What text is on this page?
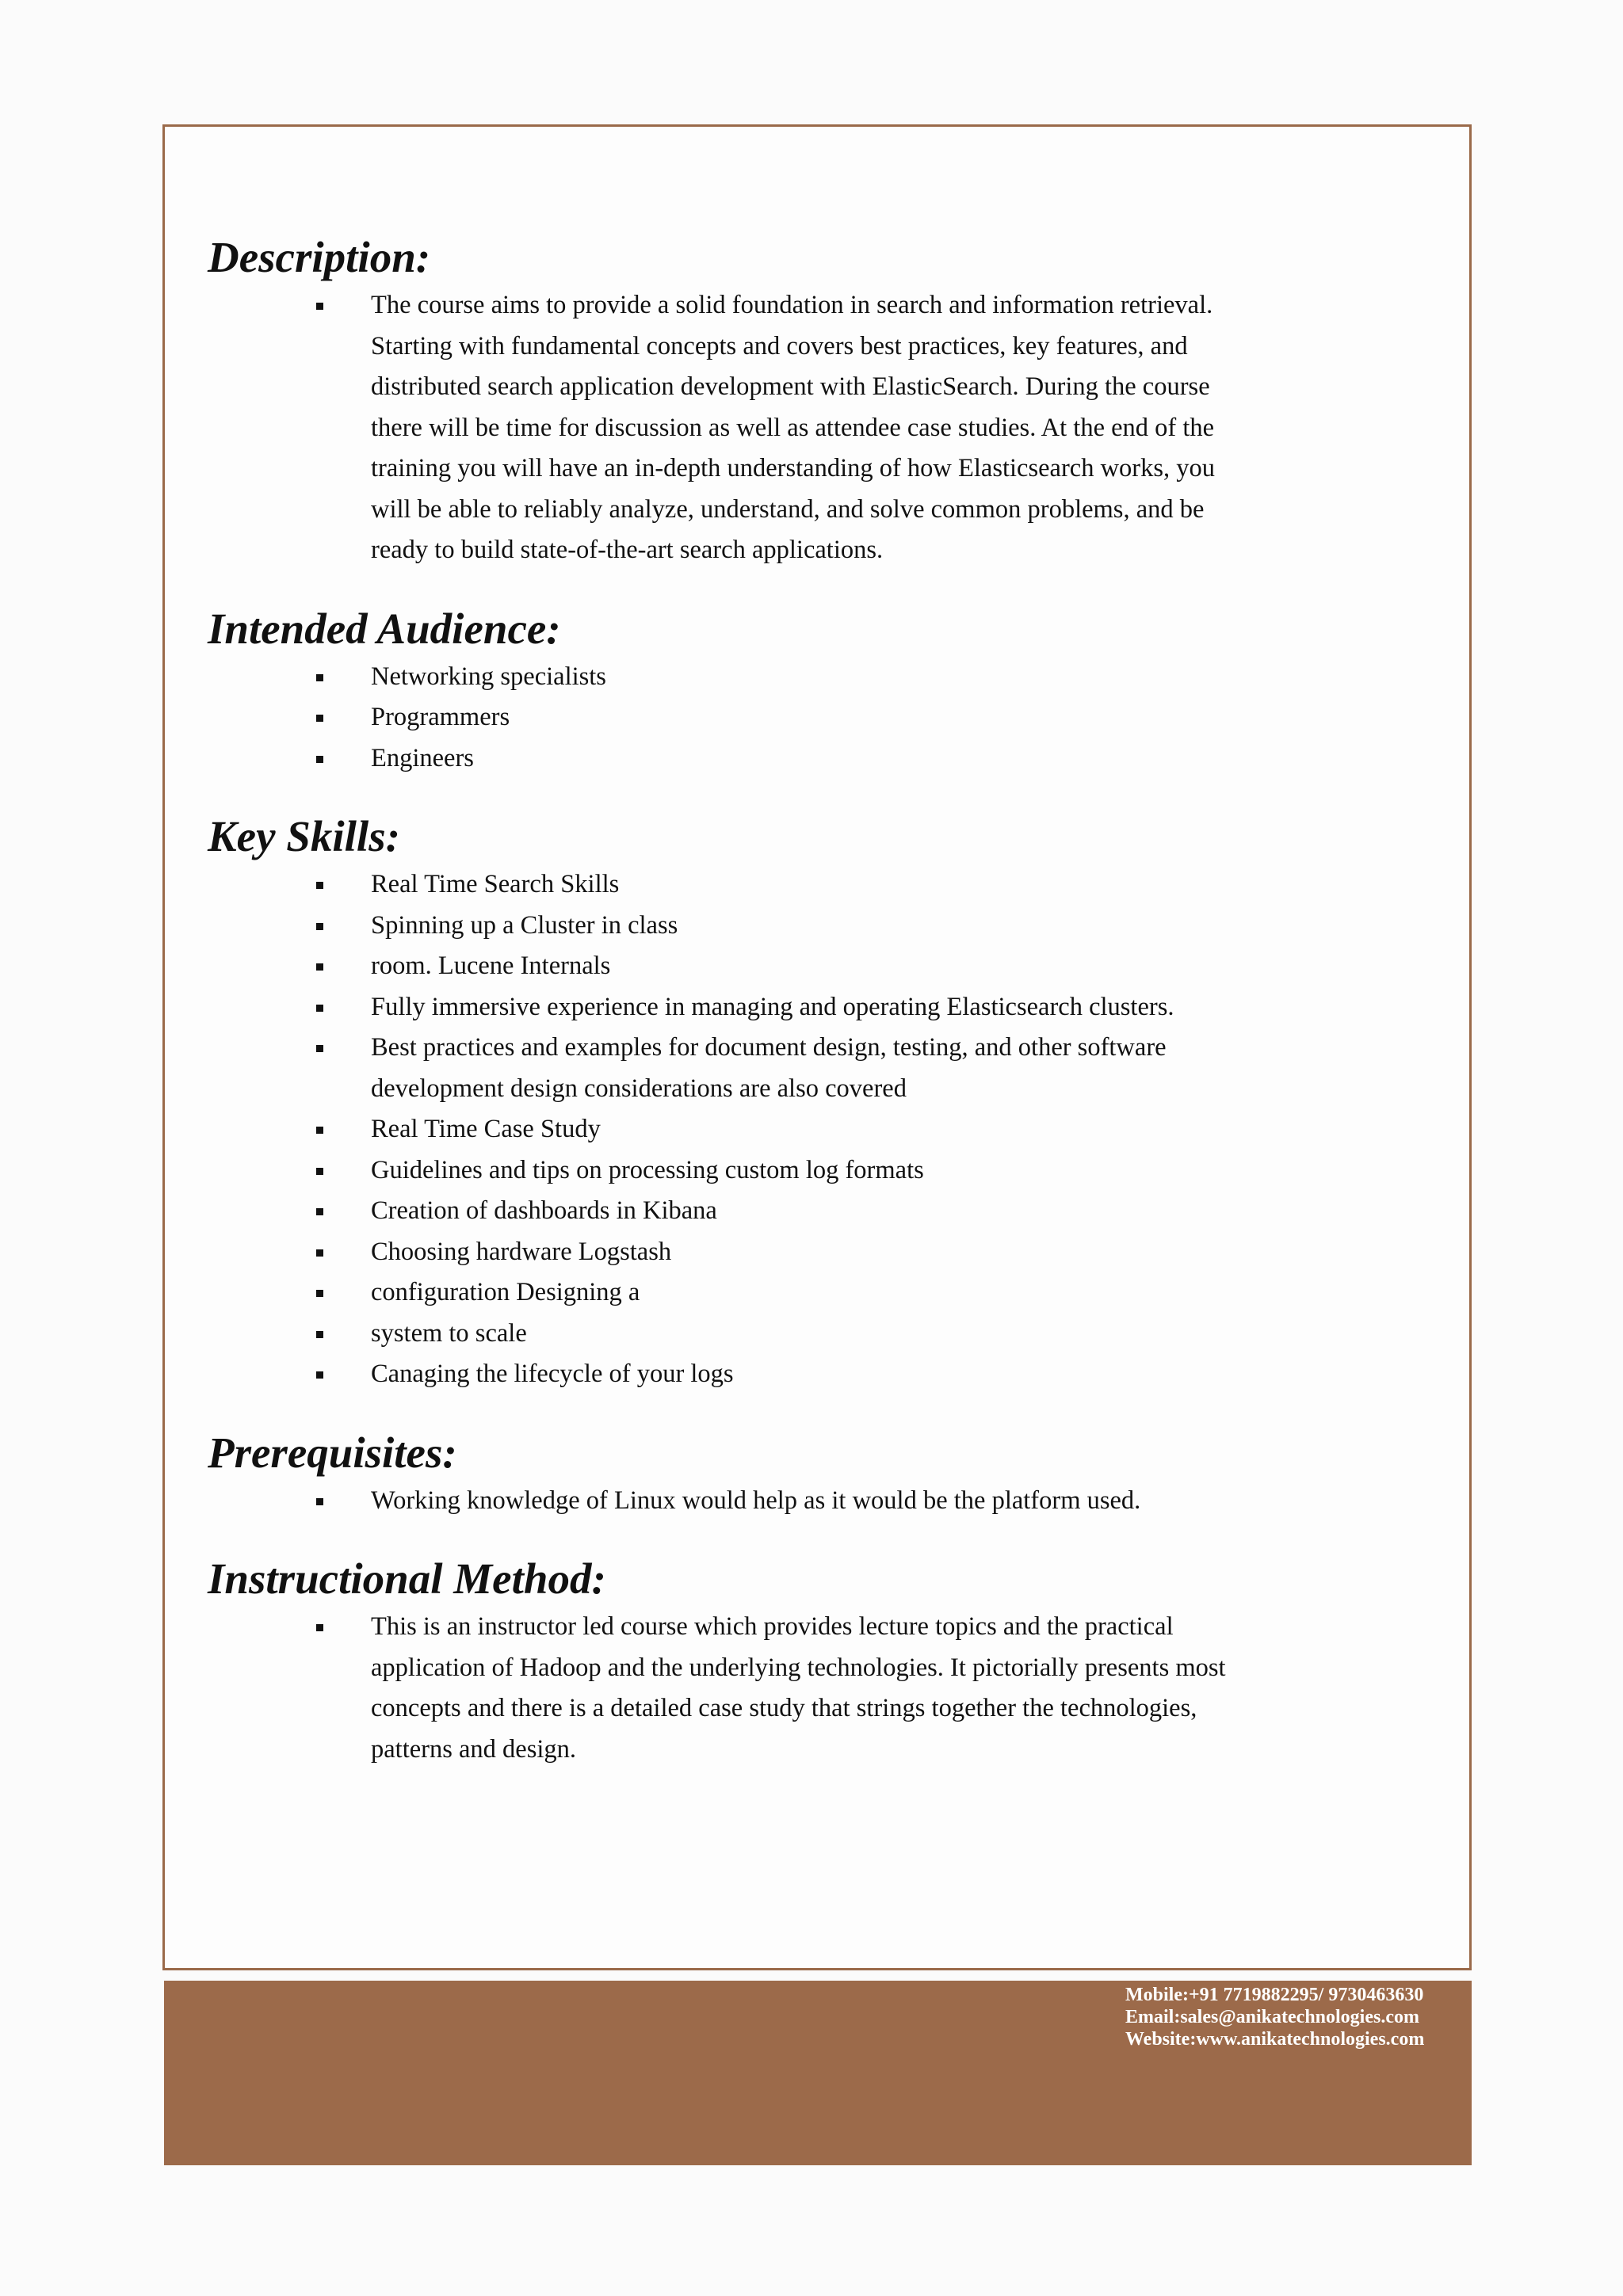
Description:
The course aims to provide a solid foundation in search and information retrieval. Starting with fundamental concepts and covers best practices, key features, and distributed search application development with ElasticSearch. During the course there will be time for discussion as well as attendee case studies. At the end of the training you will have an in-depth understanding of how Elasticsearch works, you will be able to reliably analyze, understand, and solve common problems, and be ready to build state-of-the-art search applications.
Intended Audience:
Networking specialists
Programmers
Engineers
Key Skills:
Real Time Search Skills
Spinning up a Cluster in class
room. Lucene Internals
Fully immersive experience in managing and operating Elasticsearch clusters.
Best practices and examples for document design, testing, and other software development design considerations are also covered
Real Time Case Study
Guidelines and tips on processing custom log formats
Creation of dashboards in Kibana
Choosing hardware Logstash
configuration Designing a
system to scale
Canaging the lifecycle of your logs
Prerequisites:
Working knowledge of Linux would help as it would be the platform used.
Instructional Method:
This is an instructor led course which provides lecture topics and the practical application of Hadoop and the underlying technologies. It pictorially presents most concepts and there is a detailed case study that strings together the technologies, patterns and design.
Mobile:+91 7719882295/ 9730463630
Email:sales@anikatechnologies.com
Website:www.anikatechnologies.com
